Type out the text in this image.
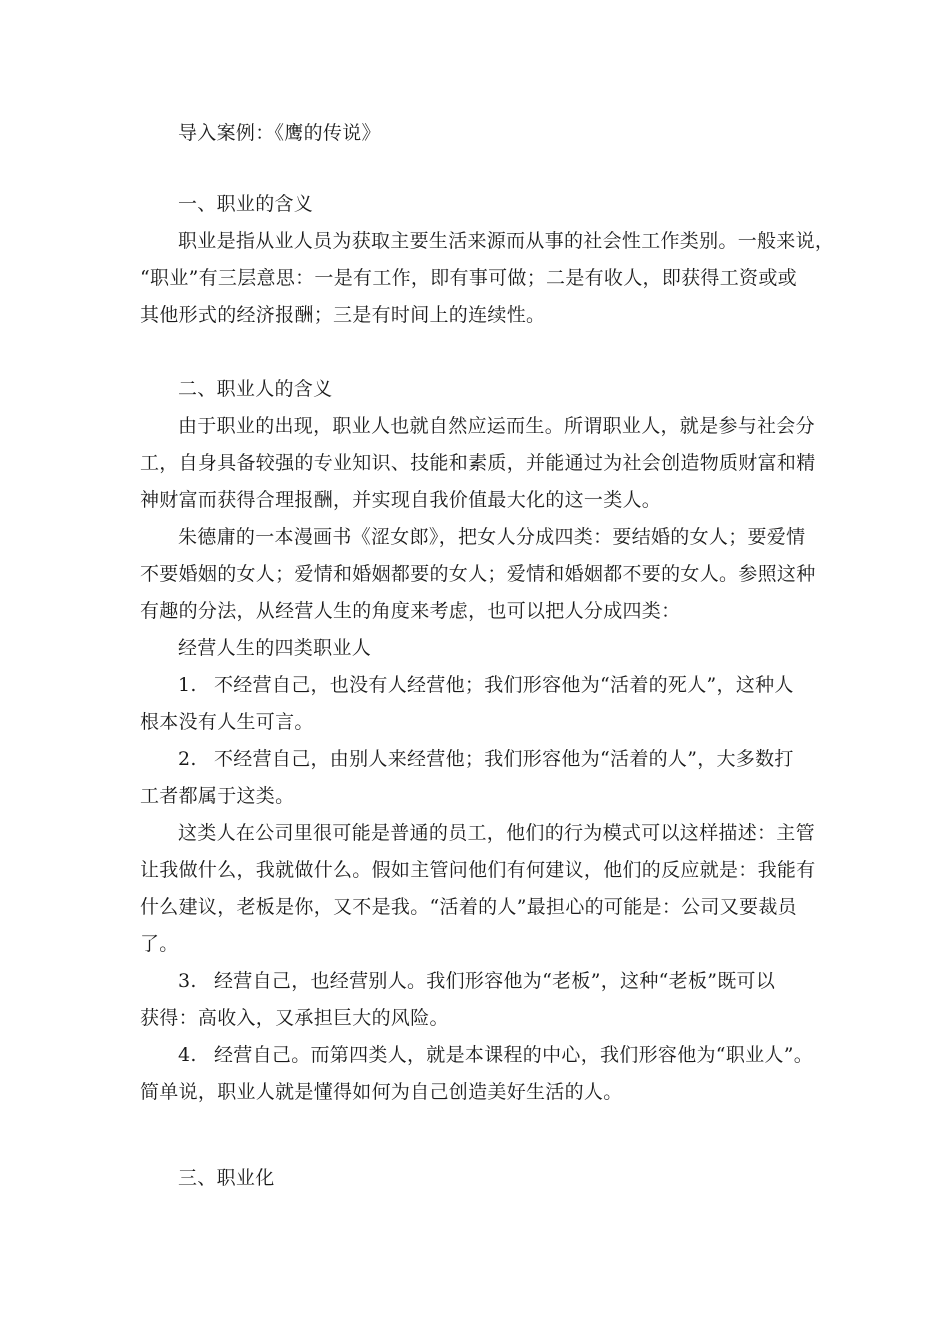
导入案例：《鹰的传说》
一、职业的含义
职业是指从业人员为获取主要生活来源而从事的社会性工作类别。一般来说，
“职业”有三层意思：一是有工作，即有事可做；二是有收人，即获得工资或或
其他形式的经济报酬；三是有时间上的连续性。
二、职业人的含义
由于职业的出现，职业人也就自然应运而生。所谓职业人，就是参与社会分
工，自身具备较强的专业知识、技能和素质，并能通过为社会创造物质财富和精
神财富而获得合理报酬，并实现自我价值最大化的这一类人。
朱德庸的一本漫画书《涩女郎》，把女人分成四类：要结婚的女人；要爱情
不要婚姻的女人；爱情和婚姻都要的女人；爱情和婚姻都不要的女人。参照这种
有趣的分法，从经营人生的角度来考虑，也可以把人分成四类：
经营人生的四类职业人
1. 不经营自己，也没有人经营他；我们形容他为“活着的死人”，这种人
根本没有人生可言。
2. 不经营自己，由别人来经营他；我们形容他为“活着的人”，大多数打
工者都属于这类。
这类人在公司里很可能是普通的员工，他们的行为模式可以这样描述：主管
让我做什么，我就做什么。假如主管问他们有何建议，他们的反应就是：我能有
什么建议，老板是你，又不是我。“活着的人”最担心的可能是：公司又要裁员
了。
3. 经营自己，也经营别人。我们形容他为“老板”，这种“老板”既可以
获得：高收入，又承担巨大的风险。
4. 经营自己。而第四类人，就是本课程的中心，我们形容他为“职业人”。
简单说，职业人就是懂得如何为自己创造美好生活的人。
三、职业化
